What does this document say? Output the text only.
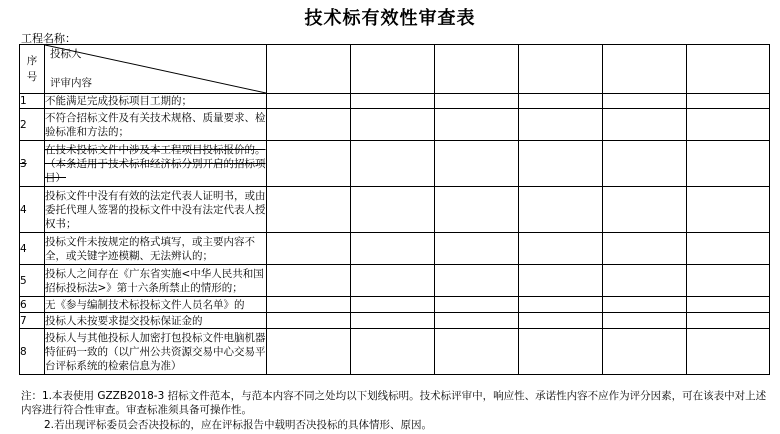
技术标有效性审查表
工程名称：
序号	投标人
评审内容						

1	不能满足完成投标项目工期的；						
2	不符合招标文件及有关技术规格、质量要求、检验标准和方法的；						
3	在技术投标文件中涉及本工程项目投标报价的。（本条适用于技术标和经济标分别开启的招标项目）						
4	投标文件中没有有效的法定代表人证明书，或由委托代理人签署的投标文件中没有法定代表人授权书；						
4	投标文件未按规定的格式填写，或主要内容不全，或关键字迹模糊、无法辨认的；						
5	投标人之间存在《广东省实施<中华人民共和国招标投标法>》第十六条所禁止的情形的；						
6	无《参与编制技术标投标文件人员名单》的						
7	投标人未按要求提交投标保证金的						
8	投标人与其他投标人加密打包投标文件电脑机器特征码一致的（以广州公共资源交易中心交易平台评标系统的检索信息为准）						
注：1.本表使用 GZZB2018-3 招标文件范本，与范本内容不同之处均以下划线标明。技术标评审中，响应性、承诺性内容不应作为评分因素，可在该表中对上述内容进行符合性审查。审查标准须具备可操作性。
2.若出现评标委员会否决投标的，应在评标报告中载明否决投标的具体情形、原因。
